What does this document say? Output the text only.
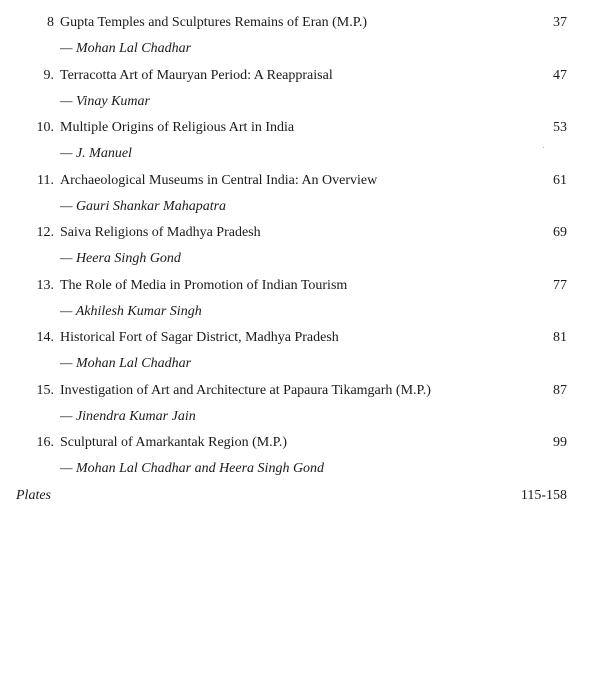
8 Gupta Temples and Sculptures Remains of Eran (M.P.)	37
— Mohan Lal Chadhar
9. Terracotta Art of Mauryan Period: A Reappraisal	47
— Vinay Kumar
10. Multiple Origins of Religious Art in India	53
— J. Manuel
11. Archaeological Museums in Central India: An Overview	61
— Gauri Shankar Mahapatra
12. Saiva Religions of Madhya Pradesh	69
— Heera Singh Gond
13. The Role of Media in Promotion of Indian Tourism	77
— Akhilesh Kumar Singh
14. Historical Fort of Sagar District, Madhya Pradesh	81
— Mohan Lal Chadhar
15. Investigation of Art and Architecture at Papaura Tikamgarh (M.P.)	87
— Jinendra Kumar Jain
16. Sculptural of Amarkantak Region (M.P.)	99
— Mohan Lal Chadhar and Heera Singh Gond
Plates	115-158
